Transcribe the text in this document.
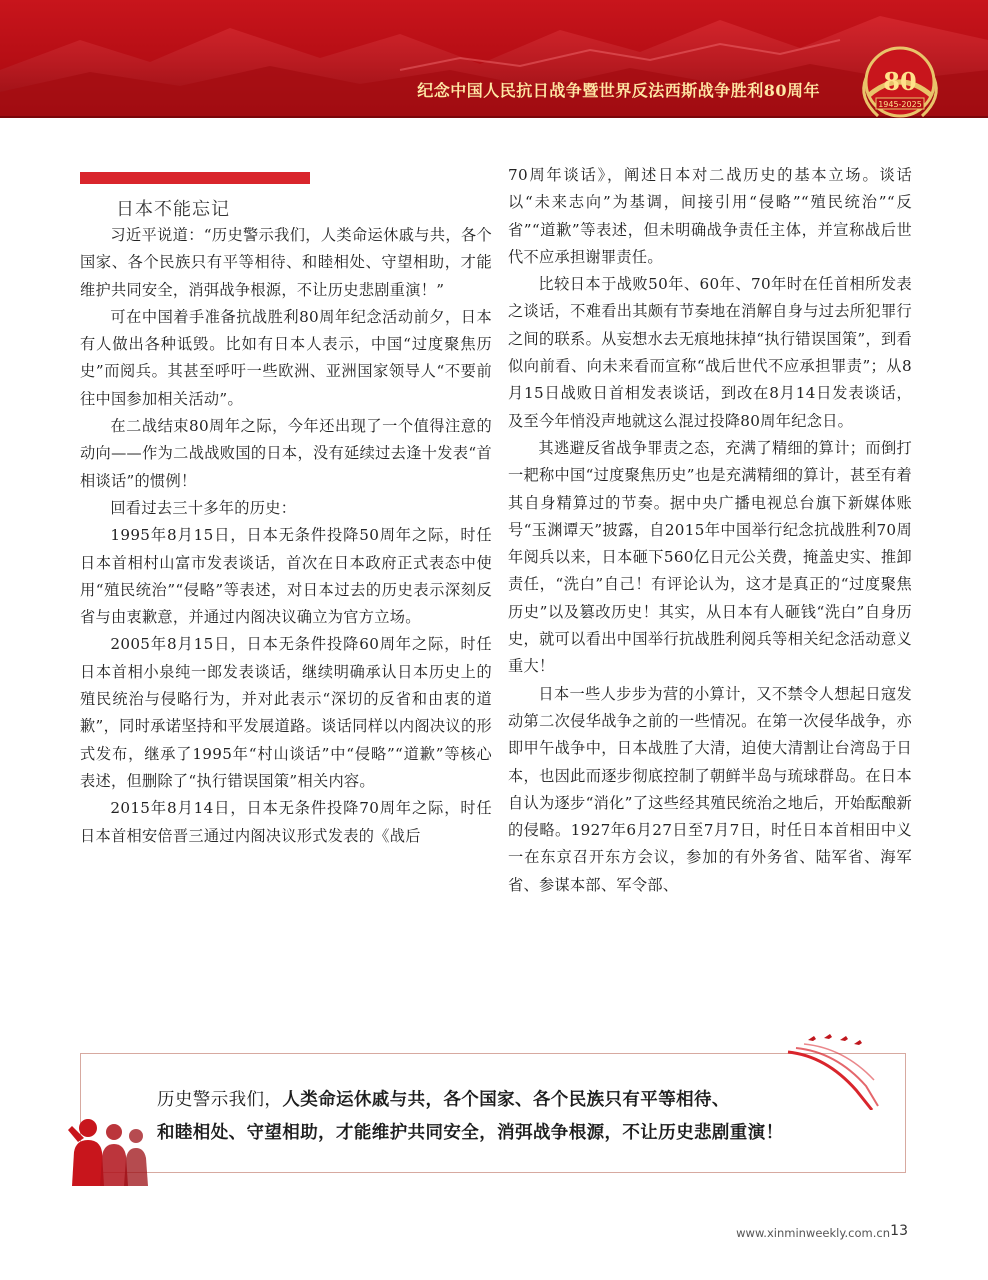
纪念中国人民抗日战争暨世界反法西斯战争胜利80周年	80
1945-2025

日本不能忘记

习近平说道：“历史警示我们，人类命运休戚与共，各个国家、各个民族只有平等相待、和睦相处、守望相助，才能维护共同安全，消弭战争根源，不让历史悲剧重演！”

可在中国着手准备抗战胜利80周年纪念活动前夕，日本有人做出各种诋毁。比如有日本人表示，中国“过度聚焦历史”而阅兵。其甚至呼吁一些欧洲、亚洲国家领导人“不要前往中国参加相关活动”。

在二战结束80周年之际，今年还出现了一个值得注意的动向——作为二战战败国的日本，没有延续过去逢十发表“首相谈话”的惯例！

回看过去三十多年的历史：

1995年8月15日，日本无条件投降50周年之际，时任日本首相村山富市发表谈话，首次在日本政府正式表态中使用“殖民统治”“侵略”等表述，对日本过去的历史表示深刻反省与由衷歉意，并通过内阁决议确立为官方立场。

2005年8月15日，日本无条件投降60周年之际，时任日本首相小泉纯一郎发表谈话，继续明确承认日本历史上的殖民统治与侵略行为，并对此表示“深切的反省和由衷的道歉”，同时承诺坚持和平发展道路。谈话同样以内阁决议的形式发布，继承了1995年“村山谈话”中“侵略”“道歉”等核心表述，但删除了“执行错误国策”相关内容。

2015年8月14日，日本无条件投降70周年之际，时任日本首相安倍晋三通过内阁决议形式发表的《战后

70周年谈话》，阐述日本对二战历史的基本立场。谈话以“未来志向”为基调，间接引用“侵略”“殖民统治”“反省”“道歉”等表述，但未明确战争责任主体，并宣称战后世代不应承担谢罪责任。

比较日本于战败50年、60年、70年时在任首相所发表之谈话，不难看出其颇有节奏地在消解自身与过去所犯罪行之间的联系。从妄想水去无痕地抹掉“执行错误国策”，到看似向前看、向未来看而宣称“战后世代不应承担罪责”；从8月15日战败日首相发表谈话，到改在8月14日发表谈话，及至今年悄没声地就这么混过投降80周年纪念日。

其逃避反省战争罪责之态，充满了精细的算计；而倒打一耙称中国“过度聚焦历史”也是充满精细的算计，甚至有着其自身精算过的节奏。据中央广播电视总台旗下新媒体账号“玉渊谭天”披露，自2015年中国举行纪念抗战胜利70周年阅兵以来，日本砸下560亿日元公关费，掩盖史实、推卸责任，“洗白”自己！有评论认为，这才是真正的“过度聚焦历史”以及篡改历史！其实，从日本有人砸钱“洗白”自身历史，就可以看出中国举行抗战胜利阅兵等相关纪念活动意义重大！

日本一些人步步为营的小算计，又不禁令人想起日寇发动第二次侵华战争之前的一些情况。在第一次侵华战争，亦即甲午战争中，日本战胜了大清，迫使大清割让台湾岛于日本，也因此而逐步彻底控制了朝鲜半岛与琉球群岛。在日本自认为逐步“消化”了这些经其殖民统治之地后，开始酝酿新的侵略。1927年6月27日至7月7日，时任日本首相田中义一在东京召开东方会议，参加的有外务省、陆军省、海军省、参谋本部、军令部、

历史警示我们，人类命运休戚与共，各个国家、各个民族只有平等相待、
和睦相处、守望相助，才能维护共同安全，消弭战争根源，不让历史悲剧重演！
www.xinminweekly.com.cn 13
